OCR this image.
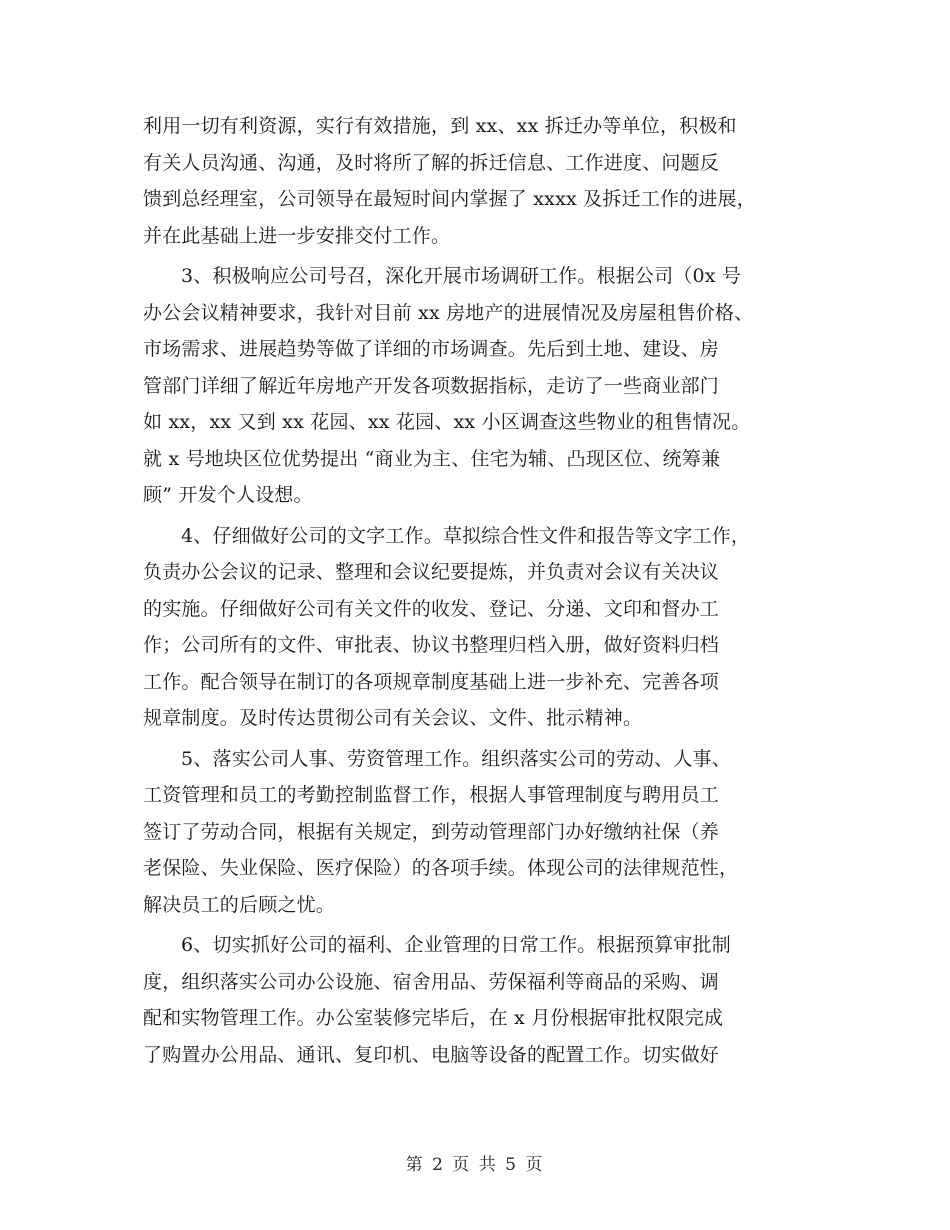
利用一切有利资源，实行有效措施，到 xx、xx 拆迁办等单位，积极和
有关人员沟通、沟通，及时将所了解的拆迁信息、工作进度、问题反
馈到总经理室，公司领导在最短时间内掌握了 xxxx 及拆迁工作的进展，
并在此基础上进一步安排交付工作。
3、积极响应公司号召，深化开展市场调研工作。根据公司（0x 号
办公会议精神要求，我针对目前 xx 房地产的进展情况及房屋租售价格、
市场需求、进展趋势等做了详细的市场调查。先后到土地、建设、房
管部门详细了解近年房地产开发各项数据指标，走访了一些商业部门
如 xx，xx 又到 xx 花园、xx 花园、xx 小区调查这些物业的租售情况。
就 x 号地块区位优势提出 “商业为主、住宅为辅、凸现区位、统筹兼
顾” 开发个人设想。
4、仔细做好公司的文字工作。草拟综合性文件和报告等文字工作，
负责办公会议的记录、整理和会议纪要提炼，并负责对会议有关决议
的实施。仔细做好公司有关文件的收发、登记、分递、文印和督办工
作；公司所有的文件、审批表、协议书整理归档入册，做好资料归档
工作。配合领导在制订的各项规章制度基础上进一步补充、完善各项
规章制度。及时传达贯彻公司有关会议、文件、批示精神。
5、落实公司人事、劳资管理工作。组织落实公司的劳动、人事、
工资管理和员工的考勤控制监督工作，根据人事管理制度与聘用员工
签订了劳动合同，根据有关规定，到劳动管理部门办好缴纳社保（养
老保险、失业保险、医疗保险）的各项手续。体现公司的法律规范性，
解决员工的后顾之忧。
6、切实抓好公司的福利、企业管理的日常工作。根据预算审批制
度，组织落实公司办公设施、宿舍用品、劳保福利等商品的采购、调
配和实物管理工作。办公室装修完毕后，在 x 月份根据审批权限完成
了购置办公用品、通讯、复印机、电脑等设备的配置工作。切实做好
第 2 页 共 5 页
